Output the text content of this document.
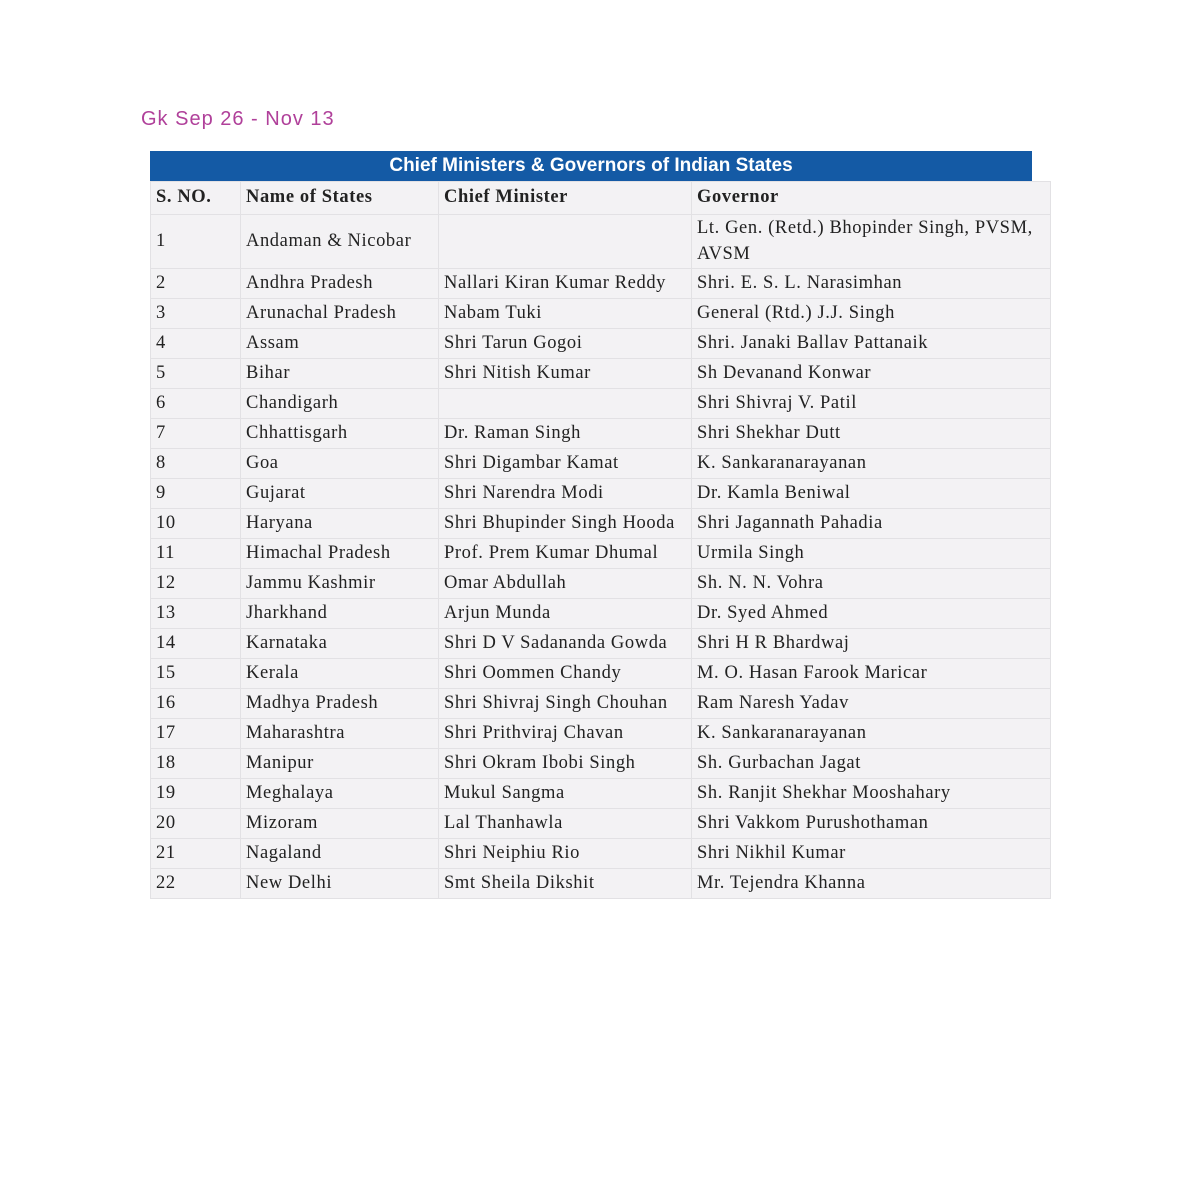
Gk Sep 26 - Nov 13
Chief Ministers & Governors of Indian States
S. NO.	Name of States	Chief Minister	Governor
1	Andaman & Nicobar		Lt. Gen. (Retd.) Bhopinder Singh, PVSM, AVSM
2	Andhra Pradesh	Nallari Kiran Kumar Reddy	Shri. E. S. L. Narasimhan
3	Arunachal Pradesh	Nabam Tuki	General (Rtd.) J.J. Singh
4	Assam	Shri Tarun Gogoi	Shri. Janaki Ballav Pattanaik
5	Bihar	Shri Nitish Kumar	Sh Devanand Konwar
6	Chandigarh		Shri Shivraj V. Patil
7	Chhattisgarh	Dr. Raman Singh	Shri Shekhar Dutt
8	Goa	Shri Digambar Kamat	K. Sankaranarayanan
9	Gujarat	Shri Narendra Modi	Dr. Kamla Beniwal
10	Haryana	Shri Bhupinder Singh Hooda	Shri Jagannath Pahadia
11	Himachal Pradesh	Prof. Prem Kumar Dhumal	Urmila Singh
12	Jammu Kashmir	Omar Abdullah	Sh. N. N. Vohra
13	Jharkhand	Arjun Munda	Dr. Syed Ahmed
14	Karnataka	Shri D V Sadananda Gowda	Shri H R Bhardwaj
15	Kerala	Shri Oommen Chandy	M. O. Hasan Farook Maricar
16	Madhya Pradesh	Shri Shivraj Singh Chouhan	Ram Naresh Yadav
17	Maharashtra	Shri Prithviraj Chavan	K. Sankaranarayanan
18	Manipur	Shri Okram Ibobi Singh	Sh. Gurbachan Jagat
19	Meghalaya	Mukul Sangma	Sh. Ranjit Shekhar Mooshahary
20	Mizoram	Lal Thanhawla	Shri Vakkom Purushothaman
21	Nagaland	Shri Neiphiu Rio	Shri Nikhil Kumar
22	New Delhi	Smt Sheila Dikshit	Mr. Tejendra Khanna
